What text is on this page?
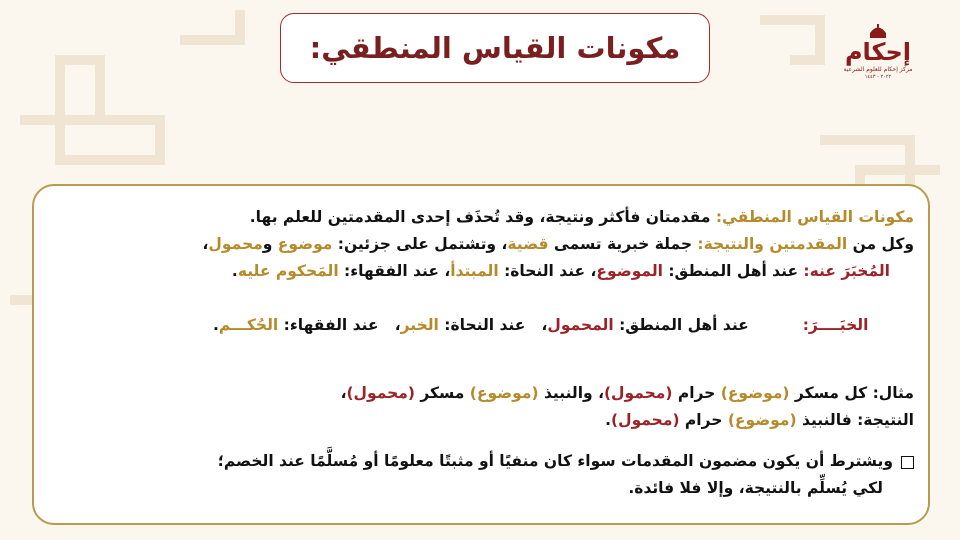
مكونات القياس المنطقي:	إحكام
مركز إحكام للعلوم الشرعية
٢٠٢٢ - ١٤٤٣

مكونات القياس المنطقي: مقدمتان فأكثر ونتيجة، وقد تُحذَف إحدى المقدمتين للعلم بها.

وكل من المقدمتين والنتيجة: جملة خبرية تسمى قضية، وتشتمل على جزئين: موضوع ومحمول،

المُخبَرَ عنه: عند أهل المنطق: الموضوع، عند النحاة: المبتدأ، عند الفقهاء: المَحكوم عليه.

الخبَــــرَ:          عند أهل المنطق: المحمول،   عند النحاة: الخبر،   عند الفقهاء: الحُكـــم.

مثال: كل مسكر (موضوع) حرام (محمول)، والنبيذ (موضوع) مسكر (محمول)،

النتيجة: فالنبيذ (موضوع) حرام (محمول).

ويشترط أن يكون مضمون المقدمات سواء كان منفيًا أو مثبتًا معلومًا أو مُسلَّمًا عند الخصم؛

لكي يُسلِّم بالنتيجة، وإلا فلا فائدة.
